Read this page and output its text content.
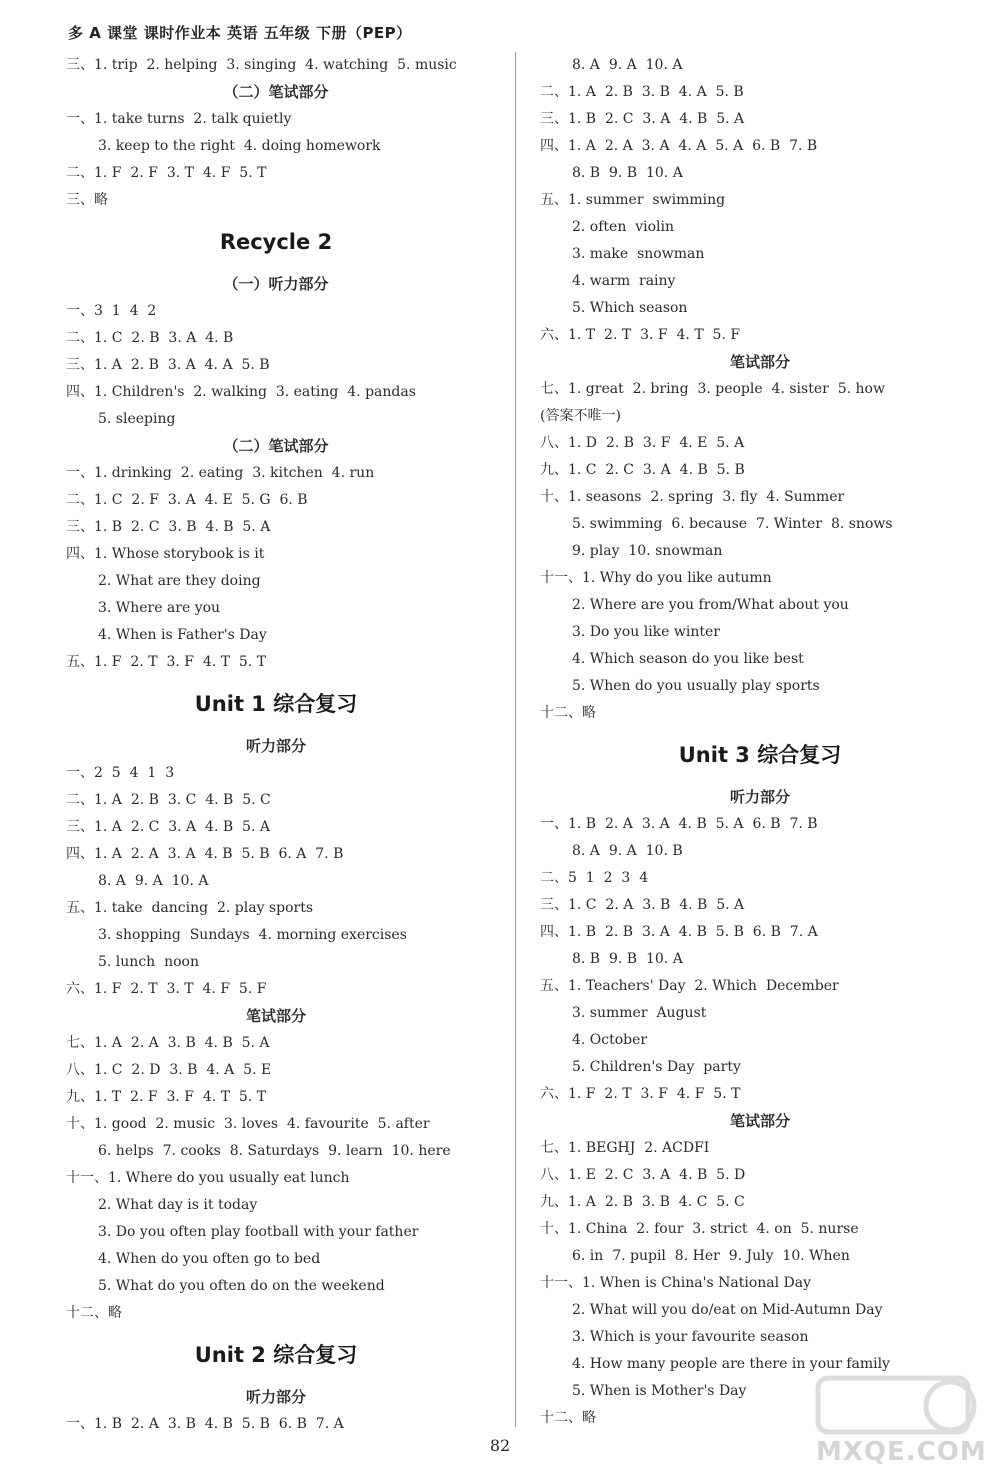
多 A 课堂 课时作业本 英语 五年级 下册（PEP）
三、1. trip  2. helping  3. singing  4. watching  5. music
（二）笔试部分
一、1. take turns  2. talk quietly
3. keep to the right  4. doing homework
二、1. F  2. F  3. T  4. F  5. T
三、略
Recycle 2
（一）听力部分
一、3  1  4  2
二、1. C  2. B  3. A  4. B
三、1. A  2. B  3. A  4. A  5. B
四、1. Children's  2. walking  3. eating  4. pandas
5. sleeping
（二）笔试部分
一、1. drinking  2. eating  3. kitchen  4. run
二、1. C  2. F  3. A  4. E  5. G  6. B
三、1. B  2. C  3. B  4. B  5. A
四、1. Whose storybook is it
2. What are they doing
3. Where are you
4. When is Father's Day
五、1. F  2. T  3. F  4. T  5. T
Unit 1 综合复习
听力部分
一、2  5  4  1  3
二、1. A  2. B  3. C  4. B  5. C
三、1. A  2. C  3. A  4. B  5. A
四、1. A  2. A  3. A  4. B  5. B  6. A  7. B
8. A  9. A  10. A
五、1. take  dancing  2. play sports
3. shopping  Sundays  4. morning exercises
5. lunch  noon
六、1. F  2. T  3. T  4. F  5. F
笔试部分
七、1. A  2. A  3. B  4. B  5. A
八、1. C  2. D  3. B  4. A  5. E
九、1. T  2. F  3. F  4. T  5. T
十、1. good  2. music  3. loves  4. favourite  5. after
6. helps  7. cooks  8. Saturdays  9. learn  10. here
十一、1. Where do you usually eat lunch
2. What day is it today
3. Do you often play football with your father
4. When do you often go to bed
5. What do you often do on the weekend
十二、略
Unit 2 综合复习
听力部分
一、1. B  2. A  3. B  4. B  5. B  6. B  7. A
8. A  9. A  10. A
二、1. A  2. B  3. B  4. A  5. B
三、1. B  2. C  3. A  4. B  5. A
四、1. A  2. A  3. A  4. A  5. A  6. B  7. B
8. B  9. B  10. A
五、1. summer  swimming
2. often  violin
3. make  snowman
4. warm  rainy
5. Which season
六、1. T  2. T  3. F  4. T  5. F
笔试部分
七、1. great  2. bring  3. people  4. sister  5. how
(答案不唯一)
八、1. D  2. B  3. F  4. E  5. A
九、1. C  2. C  3. A  4. B  5. B
十、1. seasons  2. spring  3. fly  4. Summer
5. swimming  6. because  7. Winter  8. snows
9. play  10. snowman
十一、1. Why do you like autumn
2. Where are you from/What about you
3. Do you like winter
4. Which season do you like best
5. When do you usually play sports
十二、略
Unit 3 综合复习
听力部分
一、1. B  2. A  3. A  4. B  5. A  6. B  7. B
8. A  9. A  10. B
二、5  1  2  3  4
三、1. C  2. A  3. B  4. B  5. A
四、1. B  2. B  3. A  4. B  5. B  6. B  7. A
8. B  9. B  10. A
五、1. Teachers' Day  2. Which  December
3. summer  August
4. October
5. Children's Day  party
六、1. F  2. T  3. F  4. F  5. T
笔试部分
七、1. BEGHJ  2. ACDFI
八、1. E  2. C  3. A  4. B  5. D
九、1. A  2. B  3. B  4. C  5. C
十、1. China  2. four  3. strict  4. on  5. nurse
6. in  7. pupil  8. Her  9. July  10. When
十一、1. When is China's National Day
2. What will you do/eat on Mid-Autumn Day
3. Which is your favourite season
4. How many people are there in your family
5. When is Mother's Day
十二、略
82	MXQE.COM
